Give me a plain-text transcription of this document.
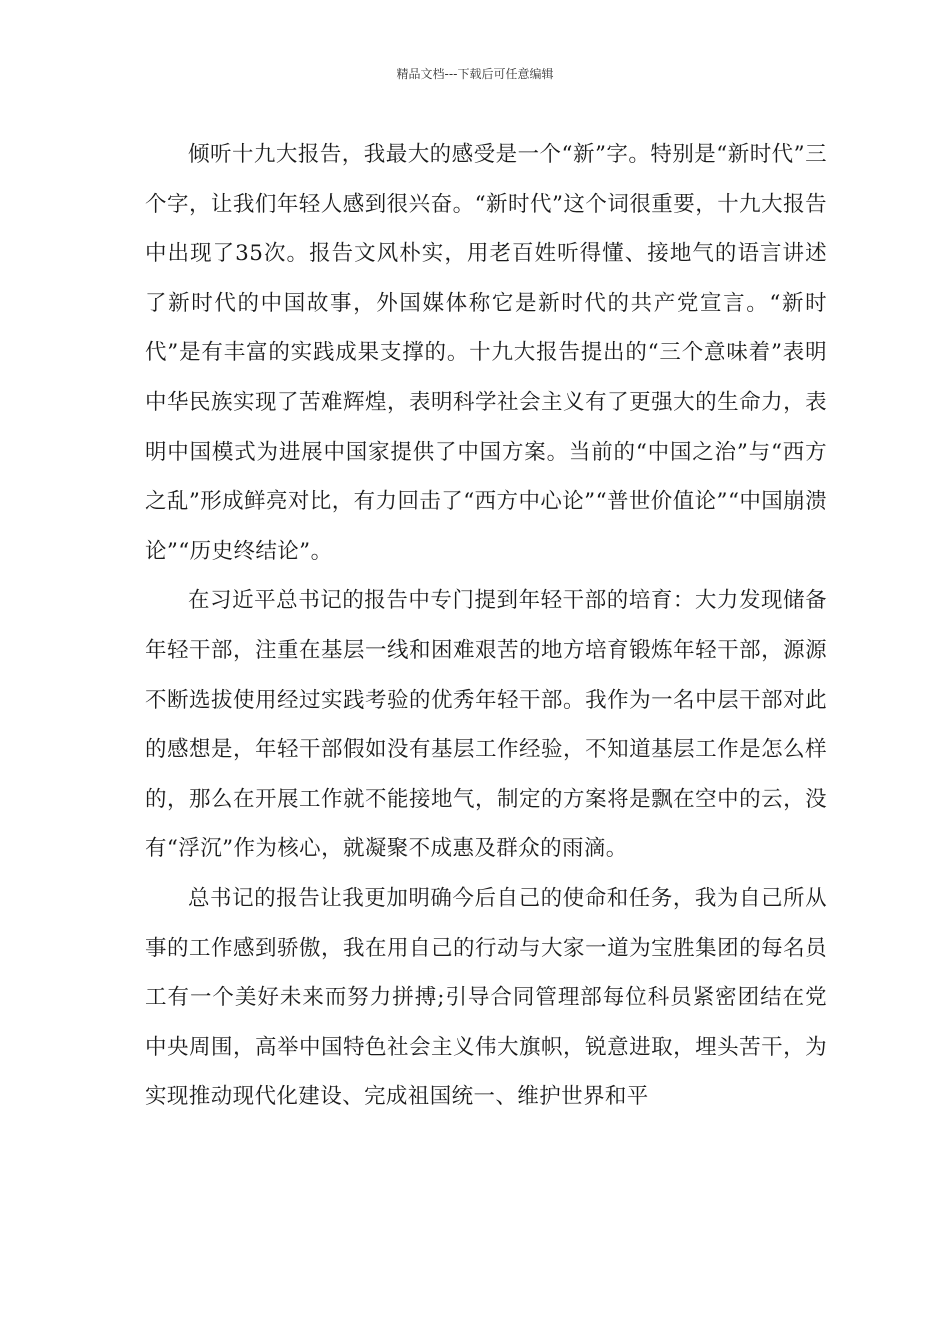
精品文档---下载后可任意编辑

倾听十九大报告，我最大的感受是一个“新”字。特别是“新时代”三个字，让我们年轻人感到很兴奋。“新时代”这个词很重要，十九大报告中出现了35次。报告文风朴实，用老百姓听得懂、接地气的语言讲述了新时代的中国故事，外国媒体称它是新时代的共产党宣言。“新时代”是有丰富的实践成果支撑的。十九大报告提出的“三个意味着”表明中华民族实现了苦难辉煌，表明科学社会主义有了更强大的生命力，表明中国模式为进展中国家提供了中国方案。当前的“中国之治”与“西方之乱”形成鲜亮对比，有力回击了“西方中心论”“普世价值论”“中国崩溃论”“历史终结论”。

在习近平总书记的报告中专门提到年轻干部的培育：大力发现储备年轻干部，注重在基层一线和困难艰苦的地方培育锻炼年轻干部，源源不断选拔使用经过实践考验的优秀年轻干部。我作为一名中层干部对此的感想是，年轻干部假如没有基层工作经验，不知道基层工作是怎么样的，那么在开展工作就不能接地气，制定的方案将是飘在空中的云，没有“浮沉”作为核心，就凝聚不成惠及群众的雨滴。

总书记的报告让我更加明确今后自己的使命和任务，我为自己所从事的工作感到骄傲，我在用自己的行动与大家一道为宝胜集团的每名员工有一个美好未来而努力拼搏;引导合同管理部每位科员紧密团结在党中央周围，高举中国特色社会主义伟大旗帜，锐意进取，埋头苦干，为实现推动现代化建设、完成祖国统一、维护世界和平
